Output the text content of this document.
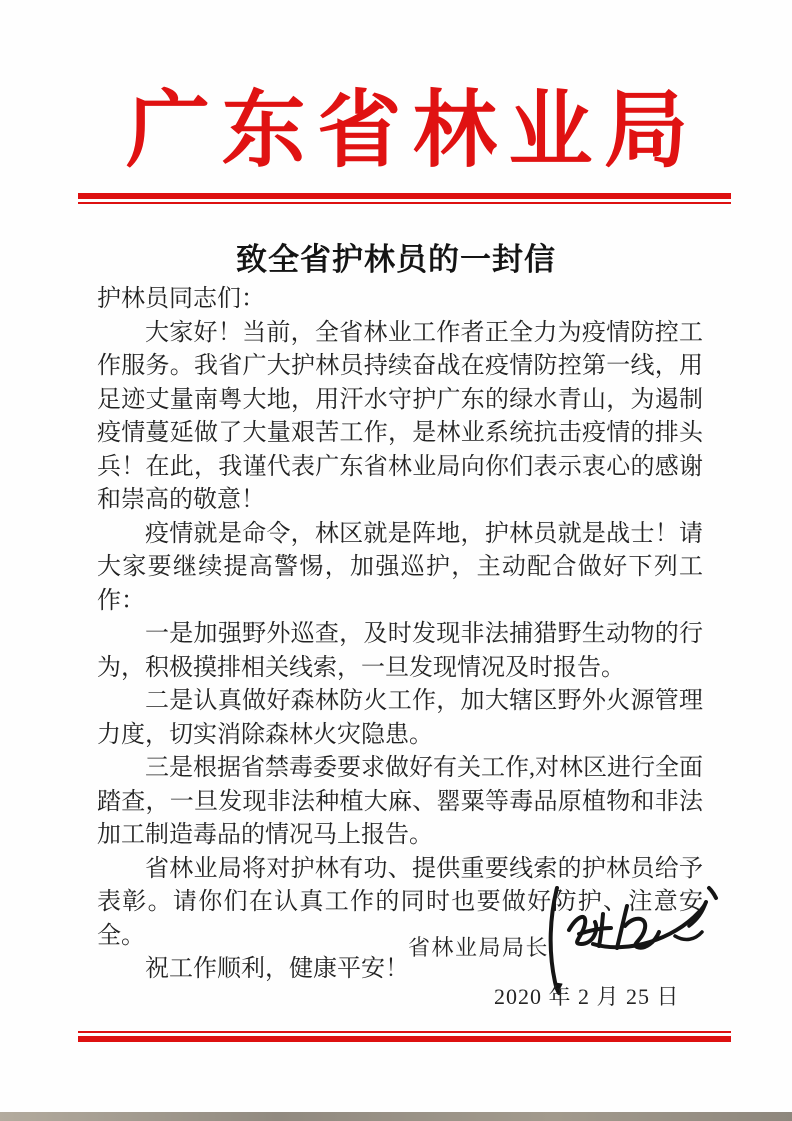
广 东 省 林 业 局
致全省护林员的一封信

护林员同志们：

大家好！当前，全省林业工作者正全力为疫情防控工作服务。我省广大护林员持续奋战在疫情防控第一线，用足迹丈量南粤大地，用汗水守护广东的绿水青山，为遏制疫情蔓延做了大量艰苦工作，是林业系统抗击疫情的排头兵！在此，我谨代表广东省林业局向你们表示衷心的感谢和崇高的敬意！

疫情就是命令，林区就是阵地，护林员就是战士！请大家要继续提高警惕，加强巡护，主动配合做好下列工作：

一是加强野外巡查，及时发现非法捕猎野生动物的行为，积极摸排相关线索，一旦发现情况及时报告。

二是认真做好森林防火工作，加大辖区野外火源管理力度，切实消除森林火灾隐患。

三是根据省禁毒委要求做好有关工作,对林区进行全面踏查，一旦发现非法种植大麻、罂粟等毒品原植物和非法加工制造毒品的情况马上报告。

省林业局将对护林有功、提供重要线索的护林员给予表彰。请你们在认真工作的同时也要做好防护、注意安全。

祝工作顺利，健康平安！

省林业局局长
2020 年 2 月 25 日
